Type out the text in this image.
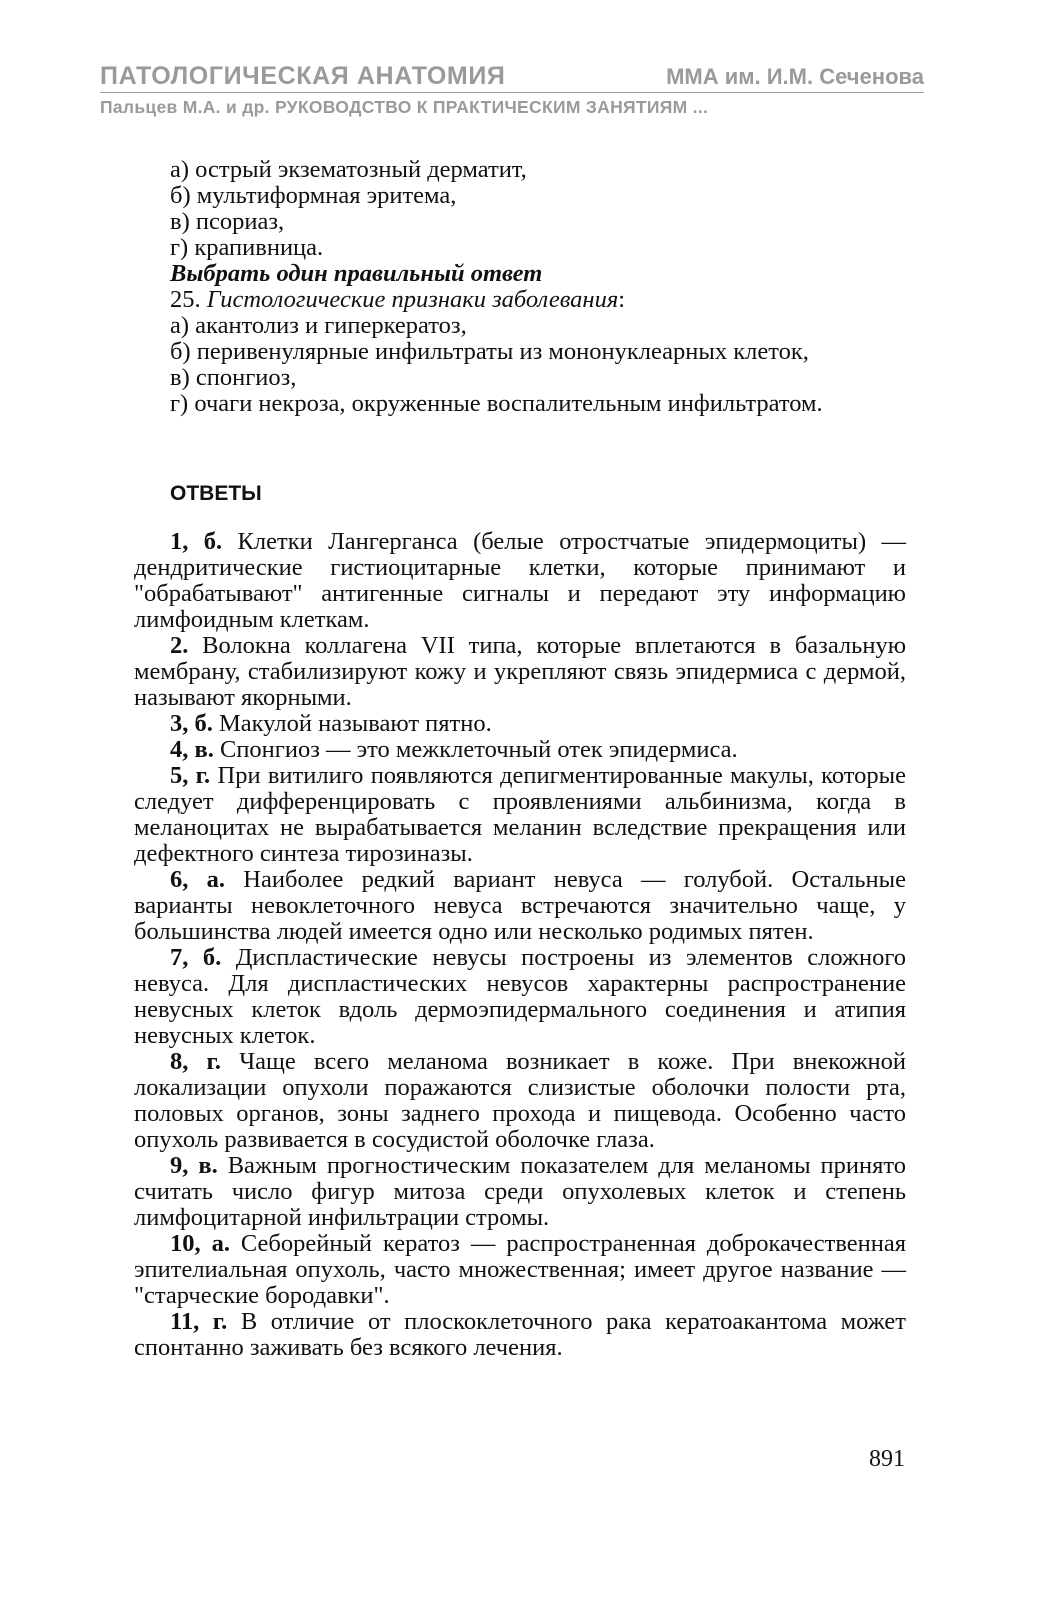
ПАТОЛОГИЧЕСКАЯ АНАТОМИЯ	ММА им. И.М. Сеченова
Пальцев М.А. и др. РУКОВОДСТВО К ПРАКТИЧЕСКИМ ЗАНЯТИЯМ ...

а) острый экзематозный дерматит,

б) мультиформная эритема,

в) псориаз,

г) крапивница.

Выбрать один правильный ответ

25. Гистологические признаки заболевания:

а) акантолиз и гиперкератоз,

б) перивенулярные инфильтраты из мононуклеарных клеток,

в) спонгиоз,

г) очаги некроза, окруженные воспалительным инфильтратом.

ОТВЕТЫ

1, б. Клетки Лангерганса (белые отростчатые эпидермоциты) — дендритические гистиоцитарные клетки, которые принимают и "обрабатывают" антигенные сигналы и передают эту информацию лимфоидным клеткам.

2. Волокна коллагена VII типа, которые вплетаются в базальную мембрану, стабилизируют кожу и укрепляют связь эпидермиса с дермой, называют якорными.

3, б. Макулой называют пятно.

4, в. Спонгиоз — это межклеточный отек эпидермиса.

5, г. При витилиго появляются депигментированные макулы, которые следует дифференцировать с проявлениями альбинизма, когда в меланоцитах не вырабатывается меланин вследствие прекращения или дефектного синтеза тирозиназы.

6, а. Наиболее редкий вариант невуса — голубой. Остальные варианты невоклеточного невуса встречаются значительно чаще, у большинства людей имеется одно или несколько родимых пятен.

7, б. Диспластические невусы построены из элементов сложного невуса. Для диспластических невусов характерны распространение невусных клеток вдоль дермоэпидермального соединения и атипия невусных клеток.

8, г. Чаще всего меланома возникает в коже. При внекожной локализации опухоли поражаются слизистые оболочки полости рта, половых органов, зоны заднего прохода и пищевода. Особенно часто опухоль развивается в сосудистой оболочке глаза.

9, в. Важным прогностическим показателем для меланомы принято считать число фигур митоза среди опухолевых клеток и степень лимфоцитарной инфильтрации стромы.

10, а. Себорейный кератоз — распространенная доброкачественная эпителиальная опухоль, часто множественная; имеет другое название — "старческие бородавки".

11, г. В отличие от плоскоклеточного рака кератоакантома может спонтанно заживать без всякого лечения.

891
